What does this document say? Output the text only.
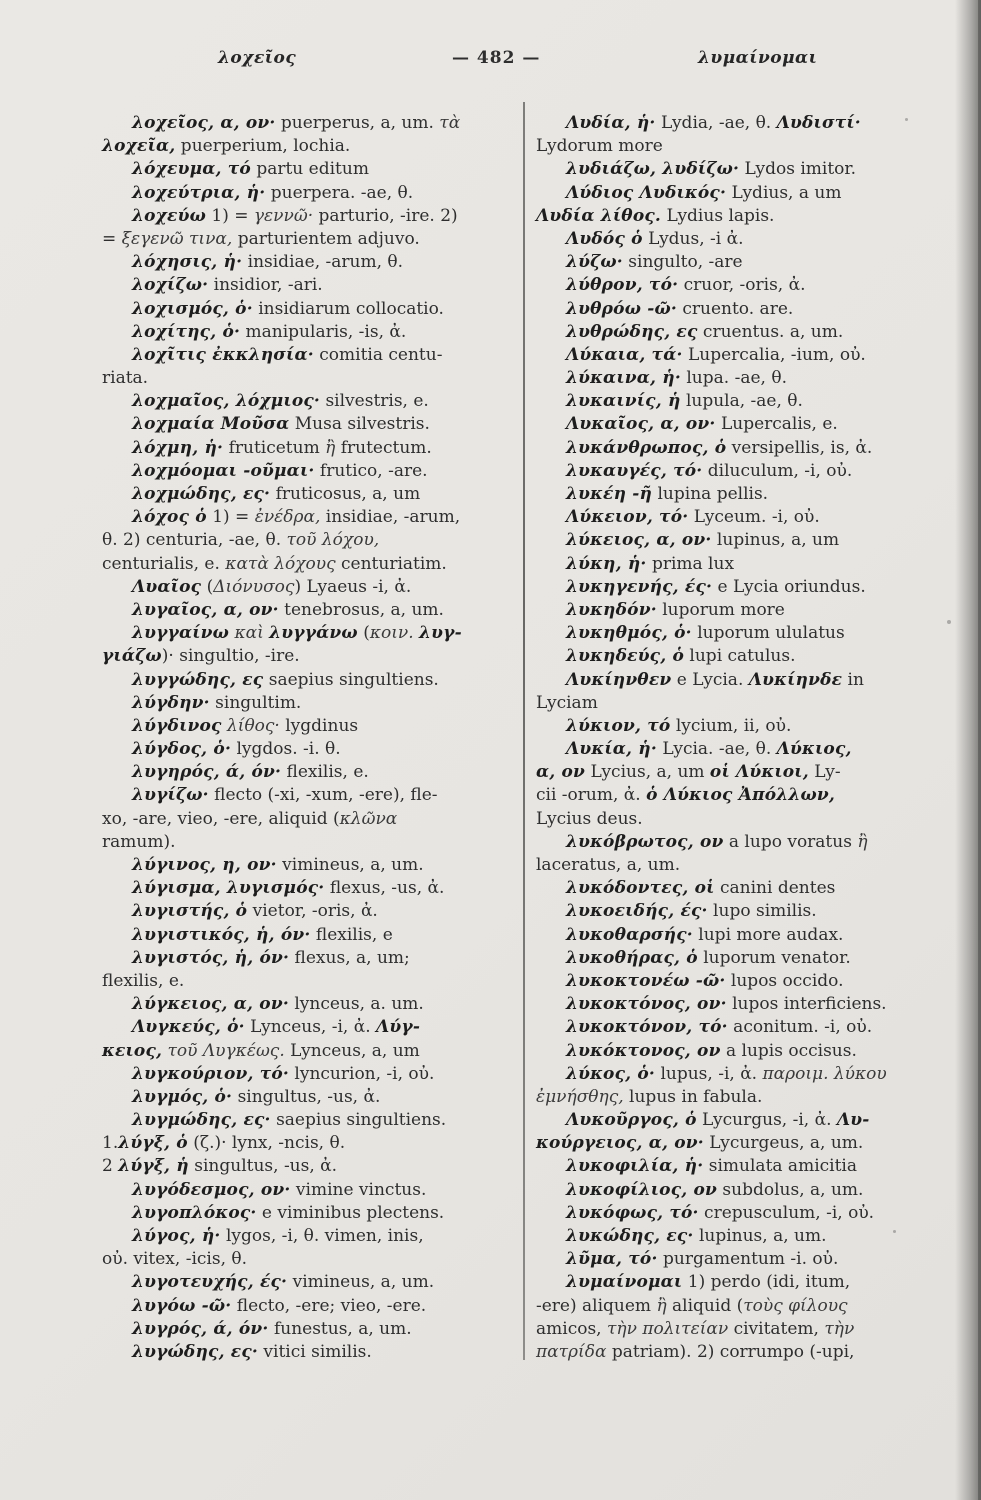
λοχεῖος	— 482 —	λυμαίνομαι
λοχεῖος, α, ον· puerperus, a, um. τὰ
λοχεῖα, puerperium, lochia.
λόχευμα, τό partu editum
λοχεύτρια, ἡ· puerpera. -ae, θ.
λοχεύω 1) = γεννῶ· parturio, -ire. 2)
= ξεγενῶ τινα, parturientem adjuvo.
λόχησις, ἡ· insidiae, -arum, θ.
λοχίζω· insidior, -ari.
λοχισμός, ὁ· insidiarum collocatio.
λοχίτης, ὁ· manipularis, -is, ἀ.
λοχῖτις ἐκκλησία· comitia centu-
riata.
λοχμαῖος, λόχμιος· silvestris, e.
λοχμαία Μοῦσα Musa silvestris.
λόχμη, ἡ· fruticetum ἢ frutectum.
λοχμόομαι -οῦμαι· frutico, -are.
λοχμώδης, ες· fruticosus, a, um
λόχος ὁ 1) = ἐνέδρα, insidiae, -arum,
θ. 2) centuria, -ae, θ. τοῦ λόχου,
centurialis, e. κατὰ λόχους centuriatim.
Λυαῖος (Διόνυσος) Lyaeus -i, ἀ.
λυγαῖος, α, ον· tenebrosus, a, um.
λυγγαίνω καὶ λυγγάνω (κοιν. λυγ-
γιάζω)· singultio, -ire.
λυγγώδης, ες saepius singultiens.
λύγδην· singultim.
λύγδινος λίθος· lygdinus
λύγδος, ὁ· lygdos. -i. θ.
λυγηρός, ά, όν· flexilis, e.
λυγίζω· flecto (-xi, -xum, -ere), fle-
xo, -are, vieo, -ere, aliquid (κλῶνα
ramum).
λύγινος, η, ον· vimineus, a, um.
λύγισμα, λυγισμός· flexus, -us, ἀ.
λυγιστής, ὁ vietor, -oris, ἀ.
λυγιστικός, ἡ, όν· flexilis, e
λυγιστός, ἡ, όν· flexus, a, um;
flexilis, e.
λύγκειος, α, ον· lynceus, a. um.
Λυγκεύς, ὁ· Lynceus, -i, ἀ. Λύγ-
κειος, τοῦ Λυγκέως. Lynceus, a, um
λυγκούριον, τό· lyncurion, -i, οὐ.
λυγμός, ὁ· singultus, -us, ἀ.
λυγμώδης, ες· saepius singultiens.
1.λύγξ, ὁ (ζ.)· lynx, -ncis, θ.
2 λύγξ, ἡ singultus, -us, ἀ.
λυγόδεσμος, ον· vimine vinctus.
λυγοπλόκος· e viminibus plectens.
λύγος, ἡ· lygos, -i, θ. vimen, inis,
οὐ. vitex, -icis, θ.
λυγοτευχής, ές· vimineus, a, um.
λυγόω -ῶ· flecto, -ere; vieo, -ere.
λυγρός, ά, όν· funestus, a, um.
λυγώδης, ες· vitici similis.
Λυδία, ἡ· Lydia, -ae, θ. Λυδιστί·
Lydorum more
λυδιάζω, λυδίζω· Lydos imitor.
Λύδιος Λυδικός· Lydius, a um
Λυδία λίθος. Lydius lapis.
Λυδός ὁ Lydus, -i ἀ.
λύζω· singulto, -are
λύθρον, τό· cruor, -oris, ἀ.
λυθρόω -ῶ· cruento. are.
λυθρώδης, ες cruentus. a, um.
Λύκαια, τά· Lupercalia, -ium, οὐ.
λύκαινα, ἡ· lupa. -ae, θ.
λυκαινίς, ἡ lupula, -ae, θ.
Λυκαῖος, α, ον· Lupercalis, e.
λυκάνθρωπος, ὁ versipellis, is, ἀ.
λυκαυγές, τό· diluculum, -i, οὐ.
λυκέη -ῆ lupina pellis.
Λύκειον, τό· Lyceum. -i, οὐ.
λύκειος, α, ον· lupinus, a, um
λύκη, ἡ· prima lux
λυκηγενής, ές· e Lycia oriundus.
λυκηδόν· luporum more
λυκηθμός, ὁ· luporum ululatus
λυκηδεύς, ὁ lupi catulus.
Λυκίηνθεν e Lycia. Λυκίηνδε in
Lyciam
λύκιον, τό lycium, ii, οὐ.
Λυκία, ἡ· Lycia. -ae, θ. Λύκιος,
α, ον Lycius, a, um οἱ Λύκιοι, Ly-
cii -orum, ἀ. ὁ Λύκιος Ἀπόλλων,
Lycius deus.
λυκόβρωτος, ον a lupo voratus ἢ
laceratus, a, um.
λυκόδοντες, οἱ canini dentes
λυκοειδής, ές· lupo similis.
λυκοθαρσής· lupi more audax.
λυκοθήρας, ὁ luporum venator.
λυκοκτονέω -ῶ· lupos occido.
λυκοκτόνος, ον· lupos interficiens.
λυκοκτόνον, τό· aconitum. -i, οὐ.
λυκόκτονος, ον a lupis occisus.
λύκος, ὁ· lupus, -i, ἀ. παροιμ. λύκου
ἐμνήσθης, lupus in fabula.
Λυκοῦργος, ὁ Lycurgus, -i, ἀ. Λυ-
κούργειος, α, ον· Lycurgeus, a, um.
λυκοφιλία, ἡ· simulata amicitia
λυκοφίλιος, ον subdolus, a, um.
λυκόφως, τό· crepusculum, -i, οὐ.
λυκώδης, ες· lupinus, a, um.
λῦμα, τό· purgamentum -i. οὐ.
λυμαίνομαι 1) perdo (idi, itum,
-ere) aliquem ἢ aliquid (τοὺς φίλους
amicos, τὴν πολιτείαν civitatem, τὴν
πατρίδα patriam). 2) corrumpo (-upi,
